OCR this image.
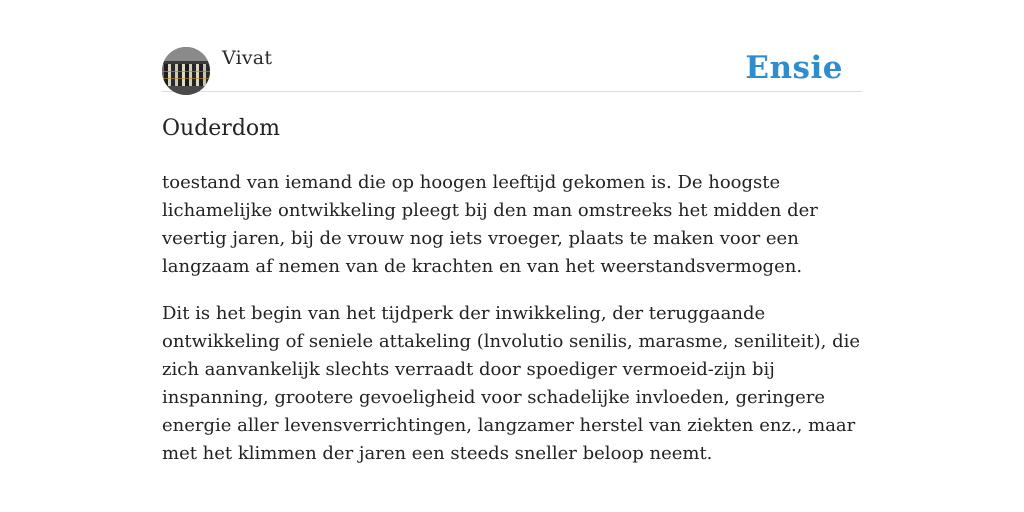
Vivat	Ensie
Ouderdom

toestand van iemand die op hoogen leeftijd gekomen is. De hoogste lichamelijke ontwikkeling pleegt bij den man omstreeks het midden der veertig jaren, bij de vrouw nog iets vroeger, plaats te maken voor een langzaam af nemen van de krachten en van het weerstandsvermogen.

Dit is het begin van het tijdperk der inwikkeling, der teruggaande ontwikkeling of seniele attakeling (lnvolutio senilis, marasme, seniliteit), die zich aanvankelijk slechts verraadt door spoediger vermoeid-zijn bij inspanning, grootere gevoeligheid voor schadelijke invloeden, geringere energie aller levensverrichtingen, langzamer herstel van ziekten enz., maar met het klimmen der jaren een steeds sneller beloop neemt.
